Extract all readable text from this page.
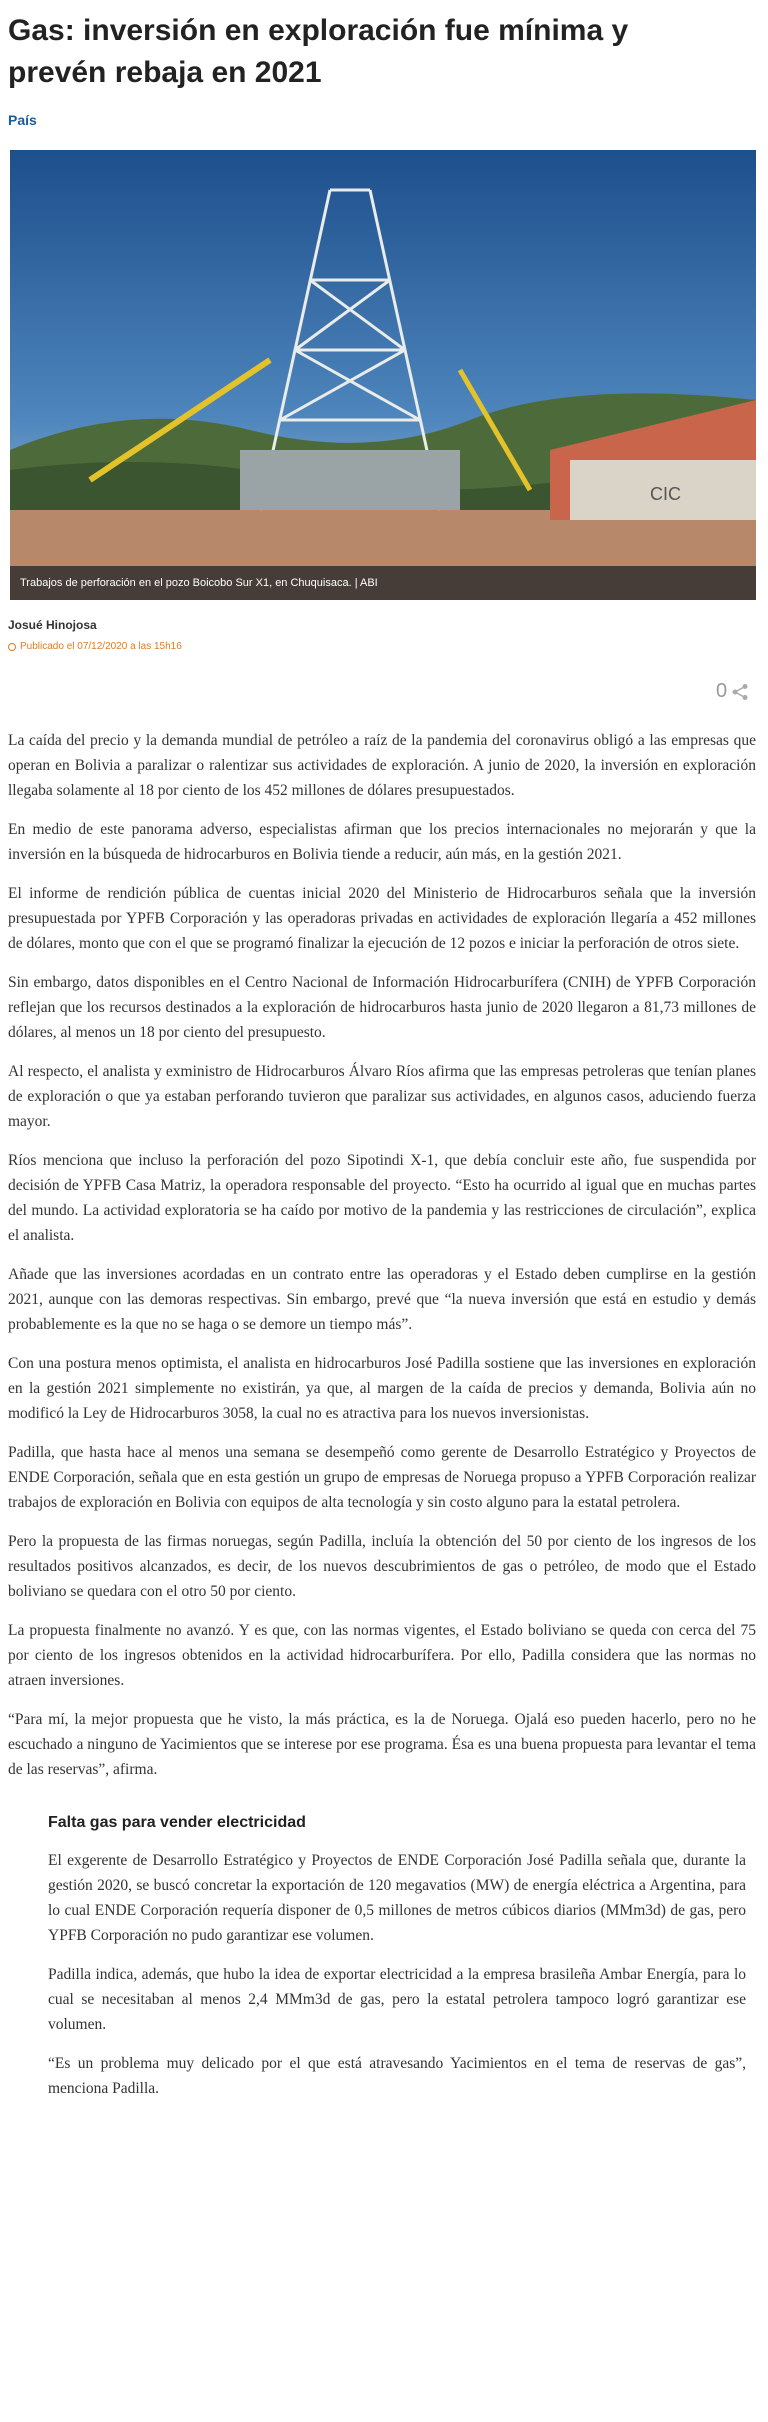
Gas: inversión en exploración fue mínima y prevén rebaja en 2021
País
CIC
Trabajos de perforación en el pozo Boicobo Sur X1, en Chuquisaca. | ABI
Josué Hinojosa
Publicado el 07/12/2020 a las 15h16
0

La caída del precio y la demanda mundial de petróleo a raíz de la pandemia del coronavirus obligó a las empresas que operan en Bolivia a paralizar o ralentizar sus actividades de exploración. A junio de 2020, la inversión en exploración llegaba solamente al 18 por ciento de los 452 millones de dólares presupuestados.

En medio de este panorama adverso, especialistas afirman que los precios internacionales no mejorarán y que la inversión en la búsqueda de hidrocarburos en Bolivia tiende a reducir, aún más, en la gestión 2021.

El informe de rendición pública de cuentas inicial 2020 del Ministerio de Hidrocarburos señala que la inversión presupuestada por YPFB Corporación y las operadoras privadas en actividades de exploración llegaría a 452 millones de dólares, monto que con el que se programó finalizar la ejecución de 12 pozos e iniciar la perforación de otros siete.

Sin embargo, datos disponibles en el Centro Nacional de Información Hidrocarburífera (CNIH) de YPFB Corporación reflejan que los recursos destinados a la exploración de hidrocarburos hasta junio de 2020 llegaron a 81,73 millones de dólares, al menos un 18 por ciento del presupuesto.

Al respecto, el analista y exministro de Hidrocarburos Álvaro Ríos afirma que las empresas petroleras que tenían planes de exploración o que ya estaban perforando tuvieron que paralizar sus actividades, en algunos casos, aduciendo fuerza mayor.

Ríos menciona que incluso la perforación del pozo Sipotindi X-1, que debía concluir este año, fue suspendida por decisión de YPFB Casa Matriz, la operadora responsable del proyecto. “Esto ha ocurrido al igual que en muchas partes del mundo. La actividad exploratoria se ha caído por motivo de la pandemia y las restricciones de circulación”, explica el analista.

Añade que las inversiones acordadas en un contrato entre las operadoras y el Estado deben cumplirse en la gestión 2021, aunque con las demoras respectivas. Sin embargo, prevé que “la nueva inversión que está en estudio y demás probablemente es la que no se haga o se demore un tiempo más”.

Con una postura menos optimista, el analista en hidrocarburos José Padilla sostiene que las inversiones en exploración en la gestión 2021 simplemente no existirán, ya que, al margen de la caída de precios y demanda, Bolivia aún no modificó la Ley de Hidrocarburos 3058, la cual no es atractiva para los nuevos inversionistas.

Padilla, que hasta hace al menos una semana se desempeñó como gerente de Desarrollo Estratégico y Proyectos de ENDE Corporación, señala que en esta gestión un grupo de empresas de Noruega propuso a YPFB Corporación realizar trabajos de exploración en Bolivia con equipos de alta tecnología y sin costo alguno para la estatal petrolera.

Pero la propuesta de las firmas noruegas, según Padilla, incluía la obtención del 50 por ciento de los ingresos de los resultados positivos alcanzados, es decir, de los nuevos descubrimientos de gas o petróleo, de modo que el Estado boliviano se quedara con el otro 50 por ciento.

La propuesta finalmente no avanzó. Y es que, con las normas vigentes, el Estado boliviano se queda con cerca del 75 por ciento de los ingresos obtenidos en la actividad hidrocarburífera. Por ello, Padilla considera que las normas no atraen inversiones.

“Para mí, la mejor propuesta que he visto, la más práctica, es la de Noruega. Ojalá eso pueden hacerlo, pero no he escuchado a ninguno de Yacimientos que se interese por ese programa. Ésa es una buena propuesta para levantar el tema de las reservas”, afirma.

Falta gas para vender electricidad

El exgerente de Desarrollo Estratégico y Proyectos de ENDE Corporación José Padilla señala que, durante la gestión 2020, se buscó concretar la exportación de 120 megavatios (MW) de energía eléctrica a Argentina, para lo cual ENDE Corporación requería disponer de 0,5 millones de metros cúbicos diarios (MMm3d) de gas, pero YPFB Corporación no pudo garantizar ese volumen.

Padilla indica, además, que hubo la idea de exportar electricidad a la empresa brasileña Ambar Energía, para lo cual se necesitaban al menos 2,4 MMm3d de gas, pero la estatal petrolera tampoco logró garantizar ese volumen.

“Es un problema muy delicado por el que está atravesando Yacimientos en el tema de reservas de gas”, menciona Padilla.
